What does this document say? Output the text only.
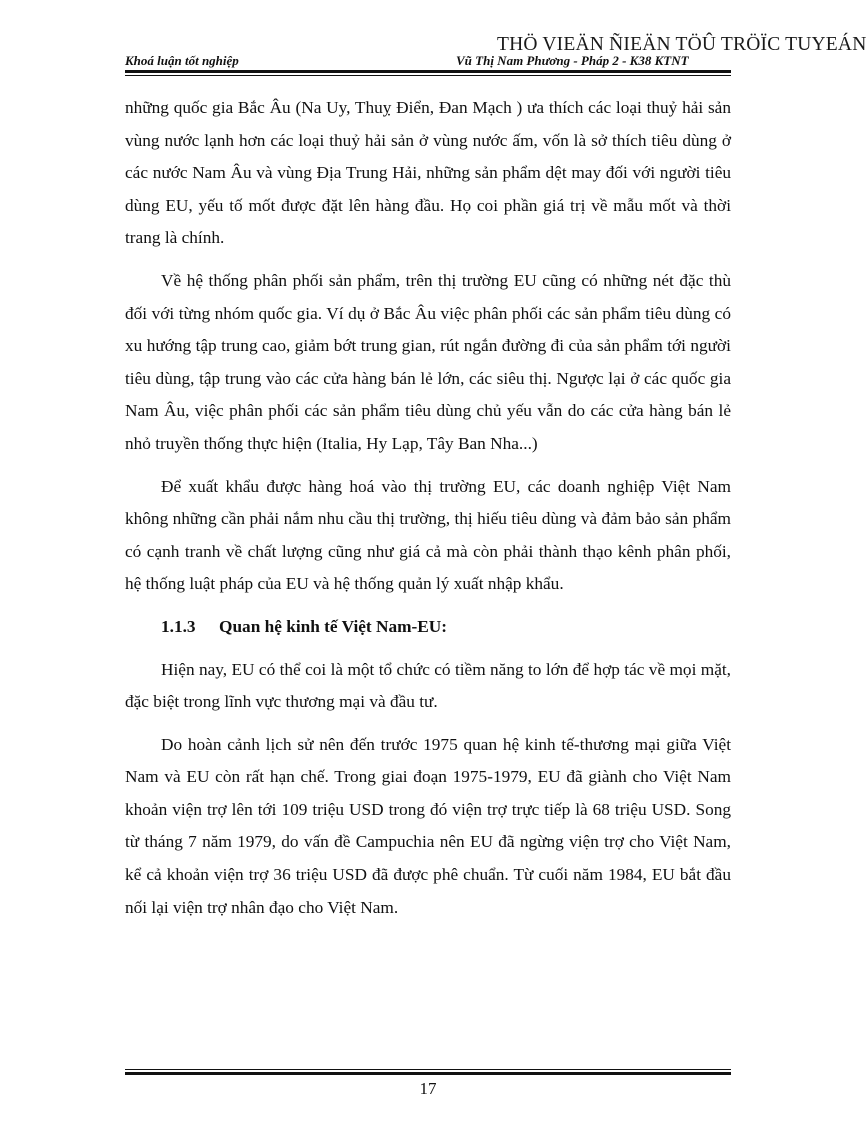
THÖ VIEÄN ÑIEÄN TÖÛ TRÖÏC TUYEÁN
Khoá luận tốt nghiệp	Vũ Thị Nam Phương - Pháp 2 - K38 KTNT

những quốc gia Bắc Âu (Na Uy, Thuỵ Điển, Đan Mạch ) ưa thích các loại thuỷ hải sản vùng nước lạnh hơn các loại thuỷ hải sản ở vùng nước ấm, vốn là sở thích tiêu dùng ở các nước Nam Âu và vùng Địa Trung Hải, những sản phẩm dệt may đối với người tiêu dùng EU, yếu tố mốt được đặt lên hàng đầu. Họ coi phần giá trị về mẫu mốt và thời trang là chính.

Về hệ thống phân phối sản phẩm, trên thị trường EU cũng có những nét đặc thù đối với từng nhóm quốc gia. Ví dụ ở Bắc Âu việc phân phối các sản phẩm tiêu dùng có xu hướng tập trung cao, giảm bớt trung gian, rút ngắn đường đi của sản phẩm tới người tiêu dùng, tập trung vào các cửa hàng bán lẻ lớn, các siêu thị. Ngược lại ở các quốc gia Nam Âu, việc phân phối các sản phẩm tiêu dùng chủ yếu vẫn do các cửa hàng bán lẻ nhỏ truyền thống thực hiện (Italia, Hy Lạp, Tây Ban Nha...)

Để xuất khẩu được hàng hoá vào thị trường EU, các doanh nghiệp Việt Nam không những cần phải nắm nhu cầu thị trường, thị hiếu tiêu dùng và đảm bảo sản phẩm có cạnh tranh về chất lượng cũng như giá cả mà còn phải thành thạo kênh phân phối, hệ thống luật pháp của EU và hệ thống quản lý xuất nhập khẩu.

1.1.3 Quan hệ kinh tế Việt Nam-EU:

Hiện nay, EU có thể coi là một tổ chức có tiềm năng to lớn để hợp tác về mọi mặt, đặc biệt trong lĩnh vực thương mại và đầu tư.

Do hoàn cảnh lịch sử nên đến trước 1975 quan hệ kinh tế-thương mại giữa Việt Nam và EU còn rất hạn chế. Trong giai đoạn 1975-1979, EU đã giành cho Việt Nam khoản viện trợ lên tới 109 triệu USD trong đó viện trợ trực tiếp là 68 triệu USD. Song từ tháng 7 năm 1979, do vấn đề Campuchia nên EU đã ngừng viện trợ cho Việt Nam, kể cả khoản viện trợ 36 triệu USD đã được phê chuẩn. Từ cuối năm 1984, EU bắt đầu nối lại viện trợ nhân đạo cho Việt Nam.

17
